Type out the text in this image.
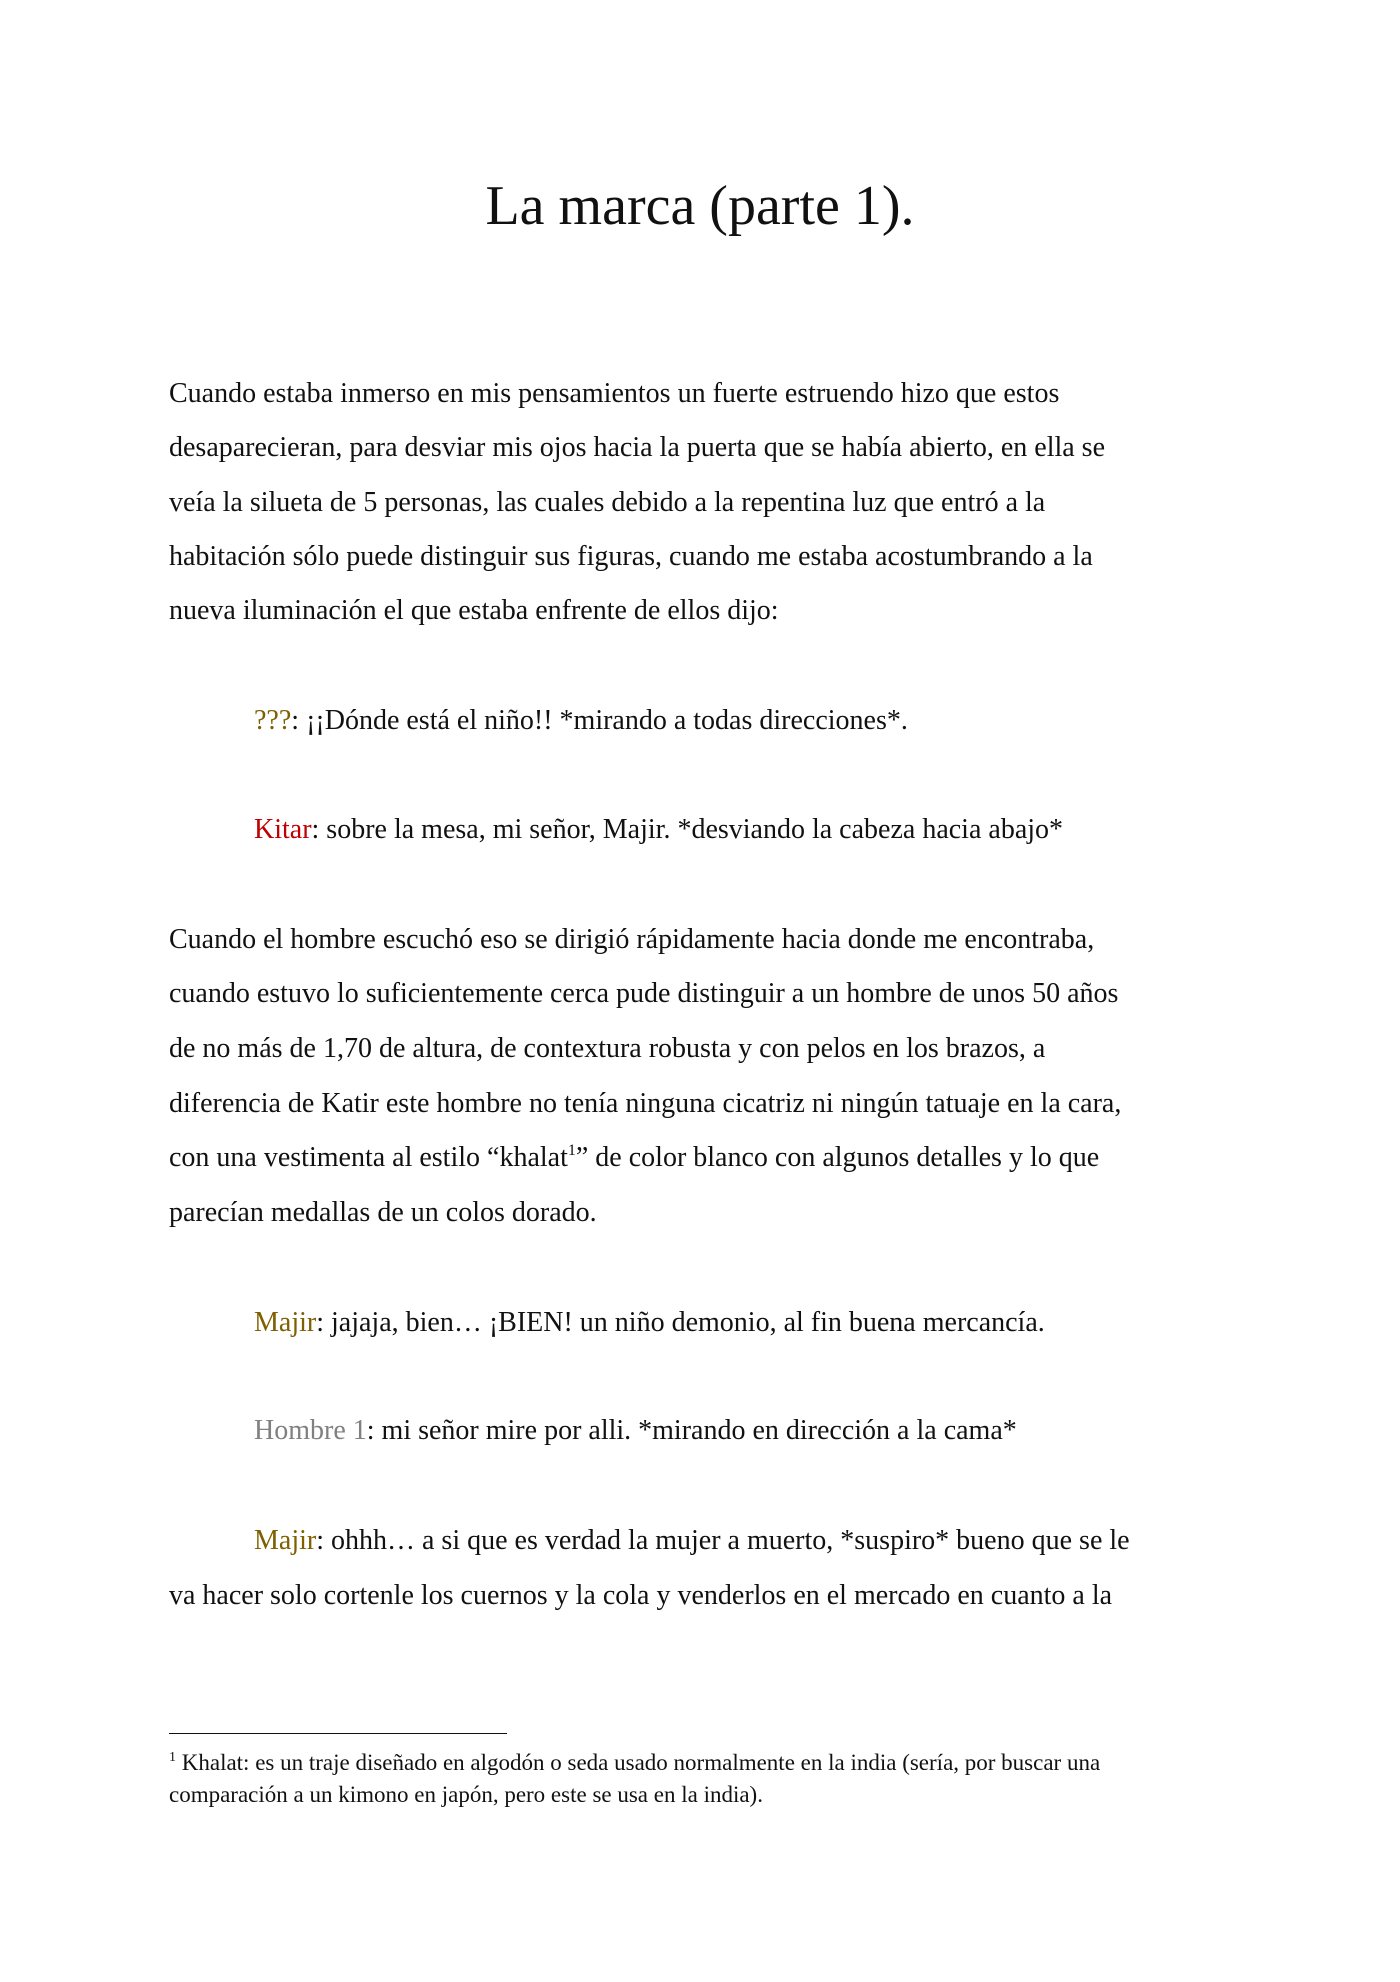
La marca (parte 1).
Cuando estaba inmerso en mis pensamientos un fuerte estruendo hizo que estos
desaparecieran, para desviar mis ojos hacia la puerta que se había abierto, en ella se
veía la silueta de 5 personas, las cuales debido a la repentina luz que entró a la
habitación sólo puede distinguir sus figuras, cuando me estaba acostumbrando a la
nueva iluminación el que estaba enfrente de ellos dijo:
???: ¡¡Dónde está el niño!! *mirando a todas direcciones*.
Kitar: sobre la mesa, mi señor, Majir. *desviando la cabeza hacia abajo*
Cuando el hombre escuchó eso se dirigió rápidamente hacia donde me encontraba,
cuando estuvo lo suficientemente cerca pude distinguir a un hombre de unos 50 años
de no más de 1,70 de altura, de contextura robusta y con pelos en los brazos, a
diferencia de Katir este hombre no tenía ninguna cicatriz ni ningún tatuaje en la cara,
con una vestimenta al estilo “khalat$^1$” de color blanco con algunos detalles y lo que
parecían medallas de un colos dorado.
Majir: jajaja, bien… ¡BIEN! un niño demonio, al fin buena mercancía.
Hombre 1: mi señor mire por alli. *mirando en dirección a la cama*
Majir: ohhh… a si que es verdad la mujer a muerto, *suspiro* bueno que se le
va hacer solo cortenle los cuernos y la cola y venderlos en el mercado en cuanto a la
$^1$ Khalat: es un traje diseñado en algodón o seda usado normalmente en la india (sería, por buscar una
comparación a un kimono en japón, pero este se usa en la india).
